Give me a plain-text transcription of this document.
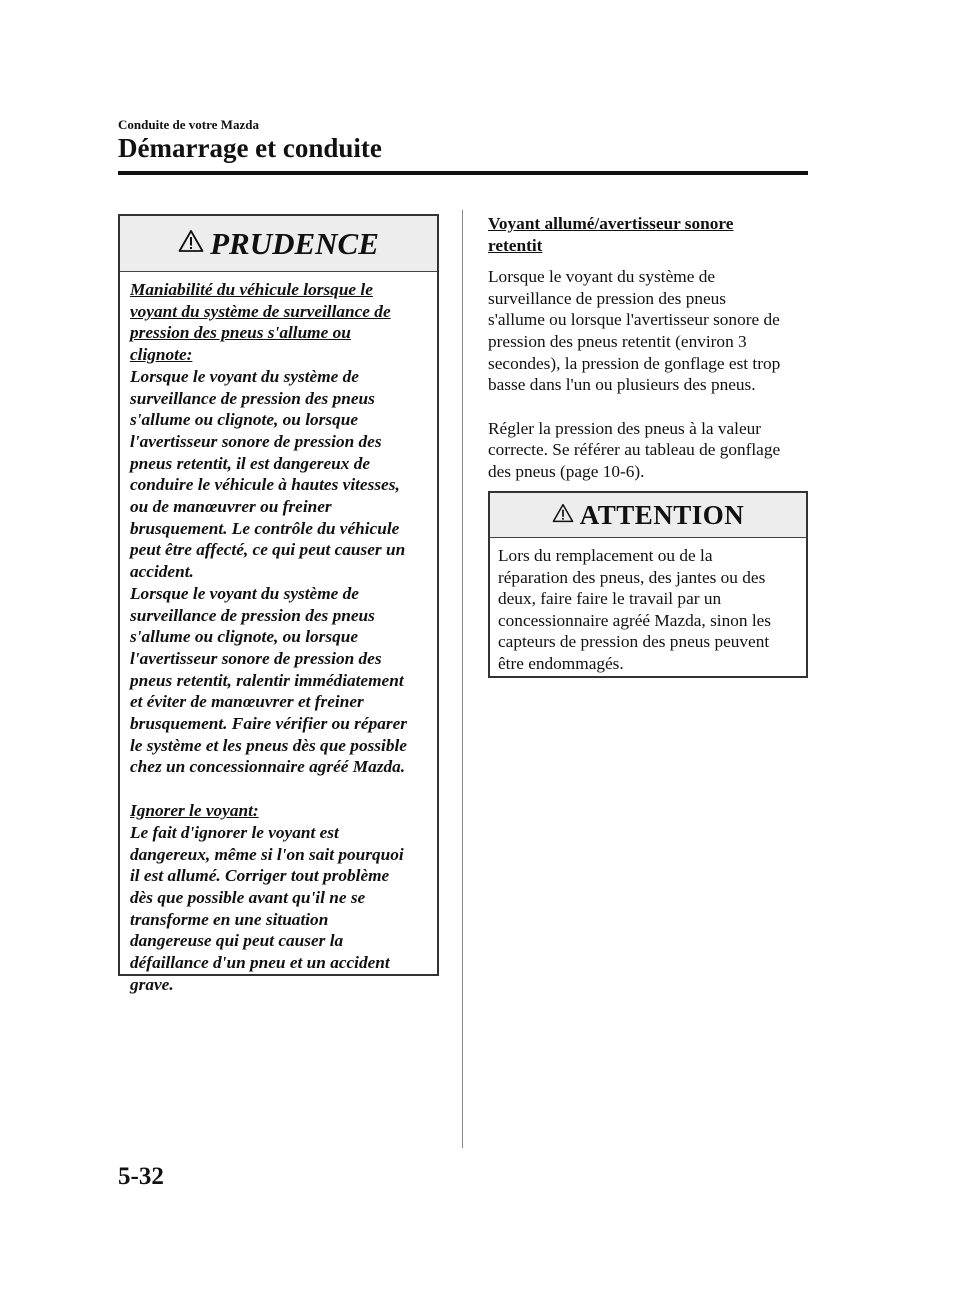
Conduite de votre Mazda
Démarrage et conduite
PRUDENCE

Maniabilité du véhicule lorsque le

voyant du système de surveillance de

pression des pneus s'allume ou

clignote:

Lorsque le voyant du système de

surveillance de pression des pneus

s'allume ou clignote, ou lorsque

l'avertisseur sonore de pression des

pneus retentit, il est dangereux de

conduire le véhicule à hautes vitesses,

ou de manœuvrer ou freiner

brusquement. Le contrôle du véhicule

peut être affecté, ce qui peut causer un

accident.

Lorsque le voyant du système de

surveillance de pression des pneus

s'allume ou clignote, ou lorsque

l'avertisseur sonore de pression des

pneus retentit, ralentir immédiatement

et éviter de manœuvrer et freiner

brusquement. Faire vérifier ou réparer

le système et les pneus dès que possible

chez un concessionnaire agréé Mazda.

Ignorer le voyant:

Le fait d'ignorer le voyant est

dangereux, même si l'on sait pourquoi

il est allumé. Corriger tout problème

dès que possible avant qu'il ne se

transforme en une situation

dangereuse qui peut causer la

défaillance d'un pneu et un accident

grave.

Voyant allumé/avertisseur sonore

retentit

Lorsque le voyant du système de

surveillance de pression des pneus

s'allume ou lorsque l'avertisseur sonore de

pression des pneus retentit (environ 3

secondes), la pression de gonflage est trop

basse dans l'un ou plusieurs des pneus.

Régler la pression des pneus à la valeur

correcte. Se référer au tableau de gonflage

des pneus (page 10-6).

ATTENTION
Lors du remplacement ou de la
réparation des pneus, des jantes ou des
deux, faire faire le travail par un
concessionnaire agréé Mazda, sinon les
capteurs de pression des pneus peuvent
être endommagés.
5-32
